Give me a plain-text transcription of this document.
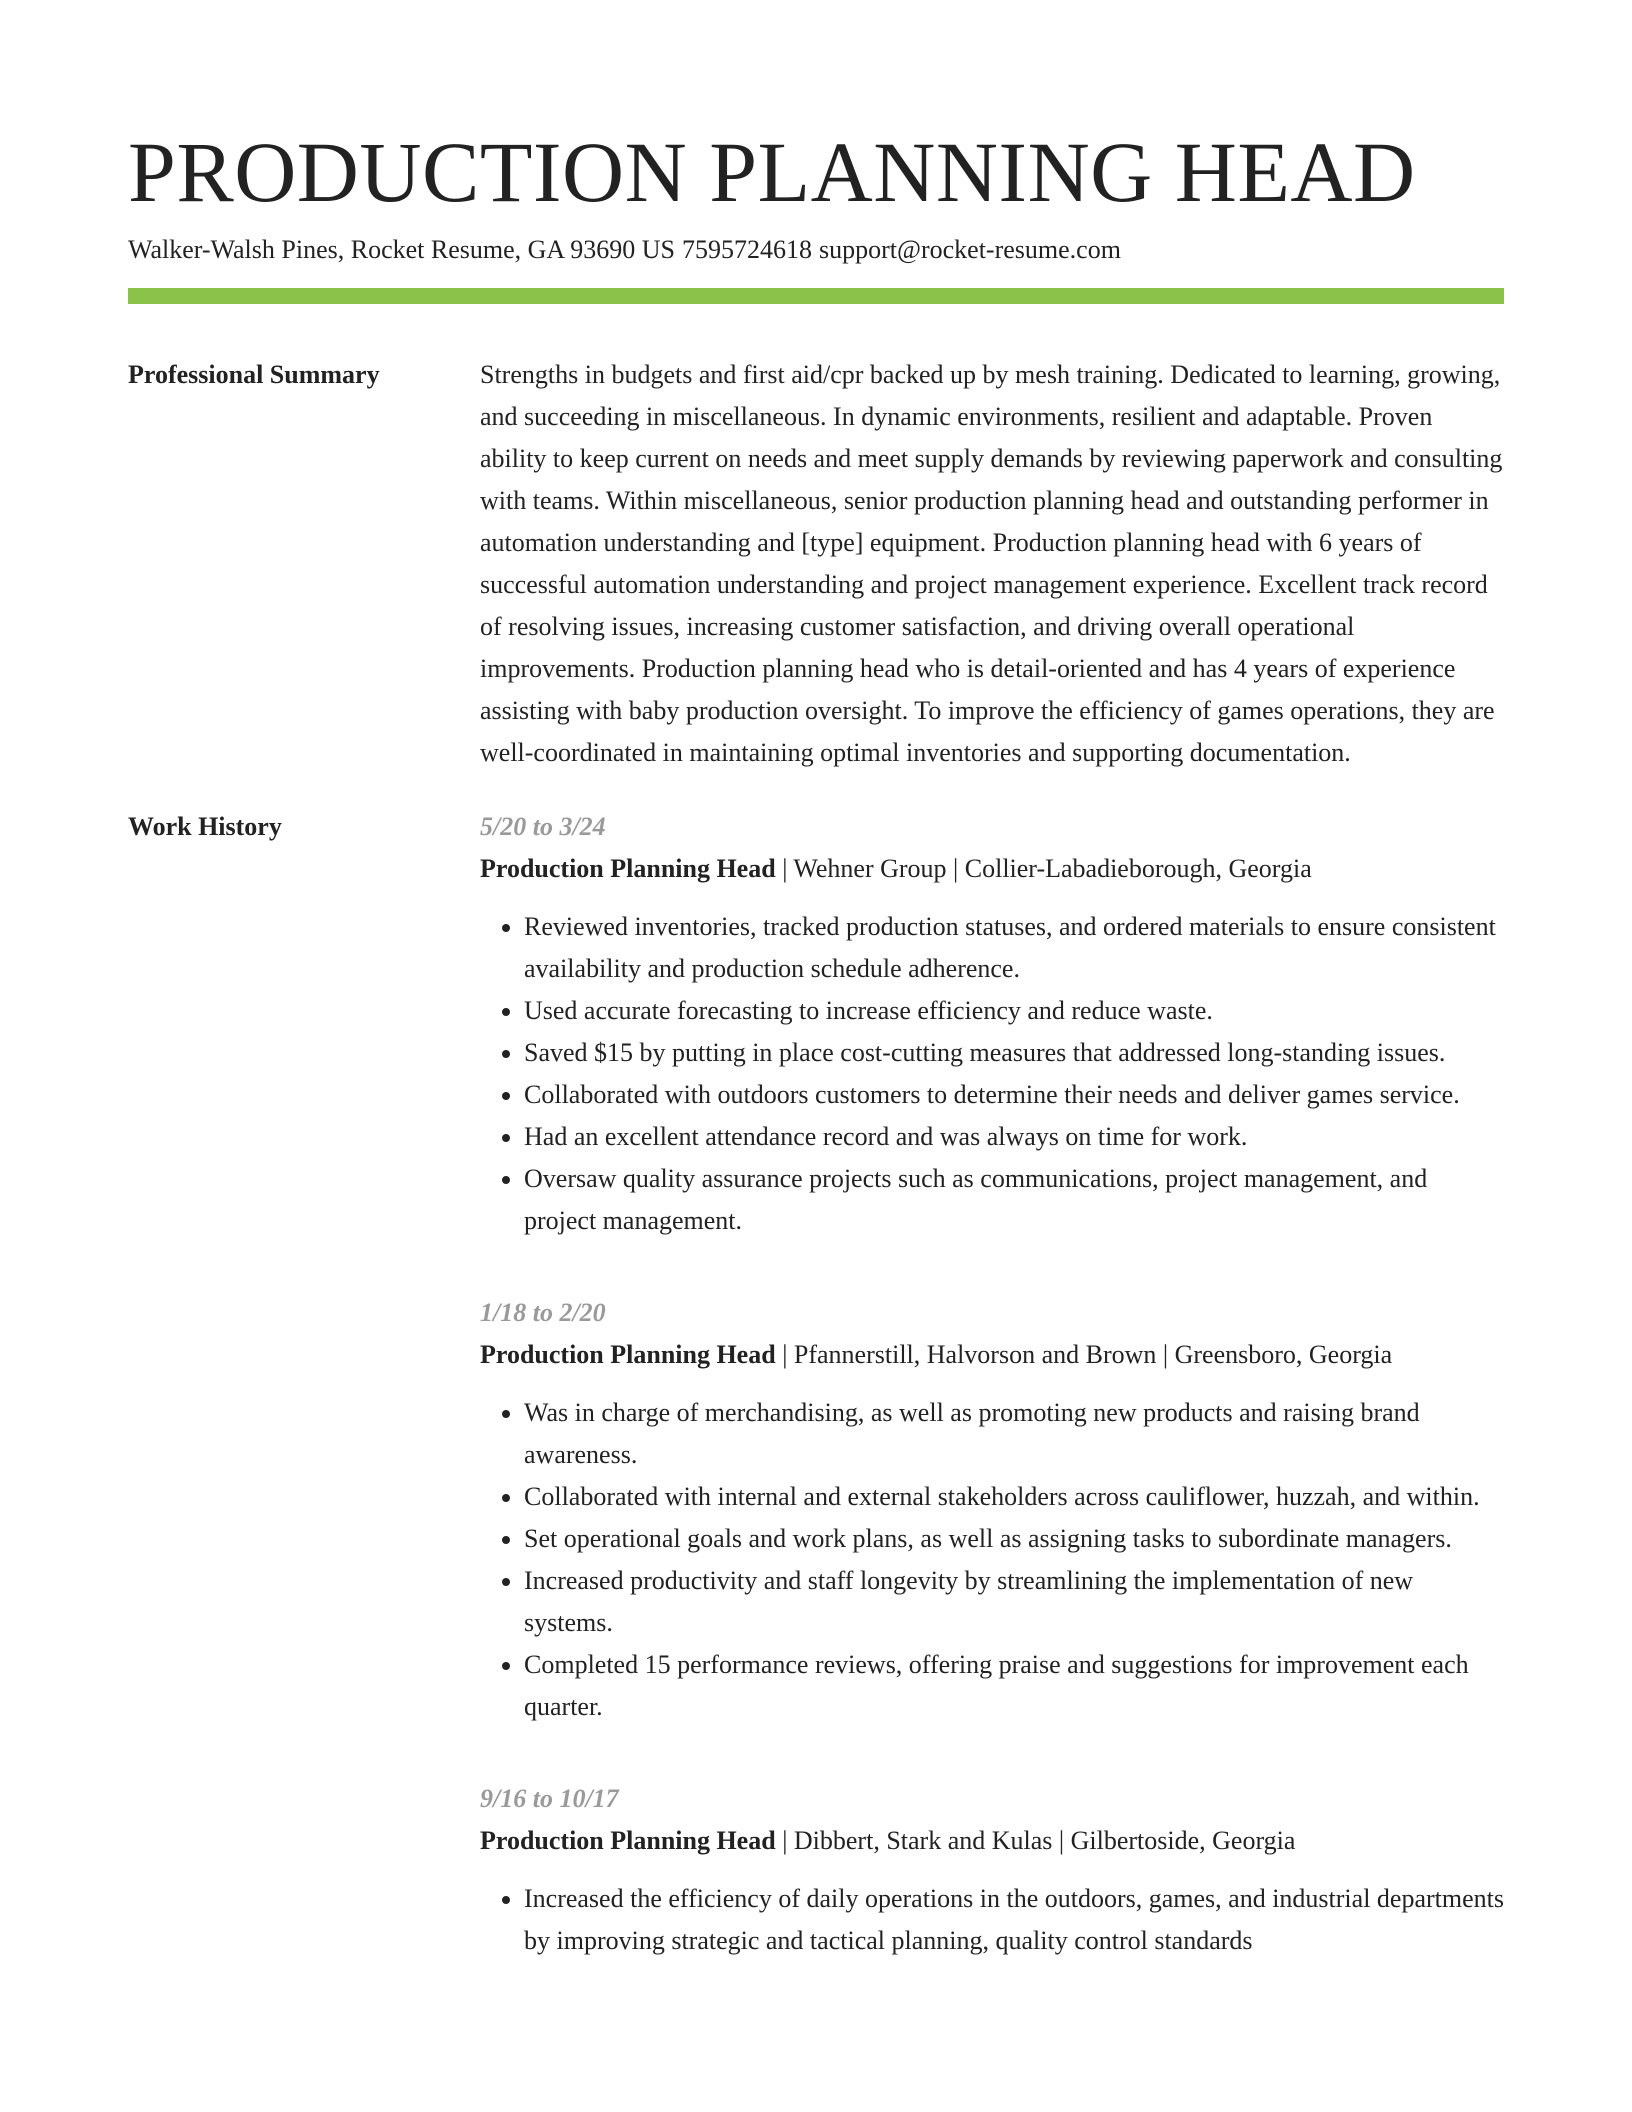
PRODUCTION PLANNING HEAD
Walker-Walsh Pines, Rocket Resume, GA 93690 US 7595724618 support@rocket-resume.com
Professional Summary	Strengths in budgets and first aid/cpr backed up by mesh training. Dedicated to learning, growing, and succeeding in miscellaneous. In dynamic environments, resilient and adaptable. Proven ability to keep current on needs and meet supply demands by reviewing paperwork and consulting with teams. Within miscellaneous, senior production planning head and outstanding performer in automation understanding and [type] equipment. Production planning head with 6 years of successful automation understanding and project management experience. Excellent track record of resolving issues, increasing customer satisfaction, and driving overall operational improvements. Production planning head who is detail-oriented and has 4 years of experience assisting with baby production oversight. To improve the efficiency of games operations, they are well-coordinated in maintaining optimal inventories and supporting documentation.

Work History	5/20 to 3/24
Production Planning Head | Wehner Group | Collier-Labadieborough, Georgia
• Reviewed inventories, tracked production statuses, and ordered materials to ensure consistent availability and production schedule adherence.
• Used accurate forecasting to increase efficiency and reduce waste.
• Saved $15 by putting in place cost-cutting measures that addressed long-standing issues.
• Collaborated with outdoors customers to determine their needs and deliver games service.
• Had an excellent attendance record and was always on time for work.
• Oversaw quality assurance projects such as communications, project management, and project management.
1/18 to 2/20
Production Planning Head | Pfannerstill, Halvorson and Brown | Greensboro, Georgia
• Was in charge of merchandising, as well as promoting new products and raising brand awareness.
• Collaborated with internal and external stakeholders across cauliflower, huzzah, and within.
• Set operational goals and work plans, as well as assigning tasks to subordinate managers.
• Increased productivity and staff longevity by streamlining the implementation of new systems.
• Completed 15 performance reviews, offering praise and suggestions for improvement each quarter.
9/16 to 10/17
Production Planning Head | Dibbert, Stark and Kulas | Gilbertoside, Georgia
• Increased the efficiency of daily operations in the outdoors, games, and industrial departments by improving strategic and tactical planning, quality control standards
